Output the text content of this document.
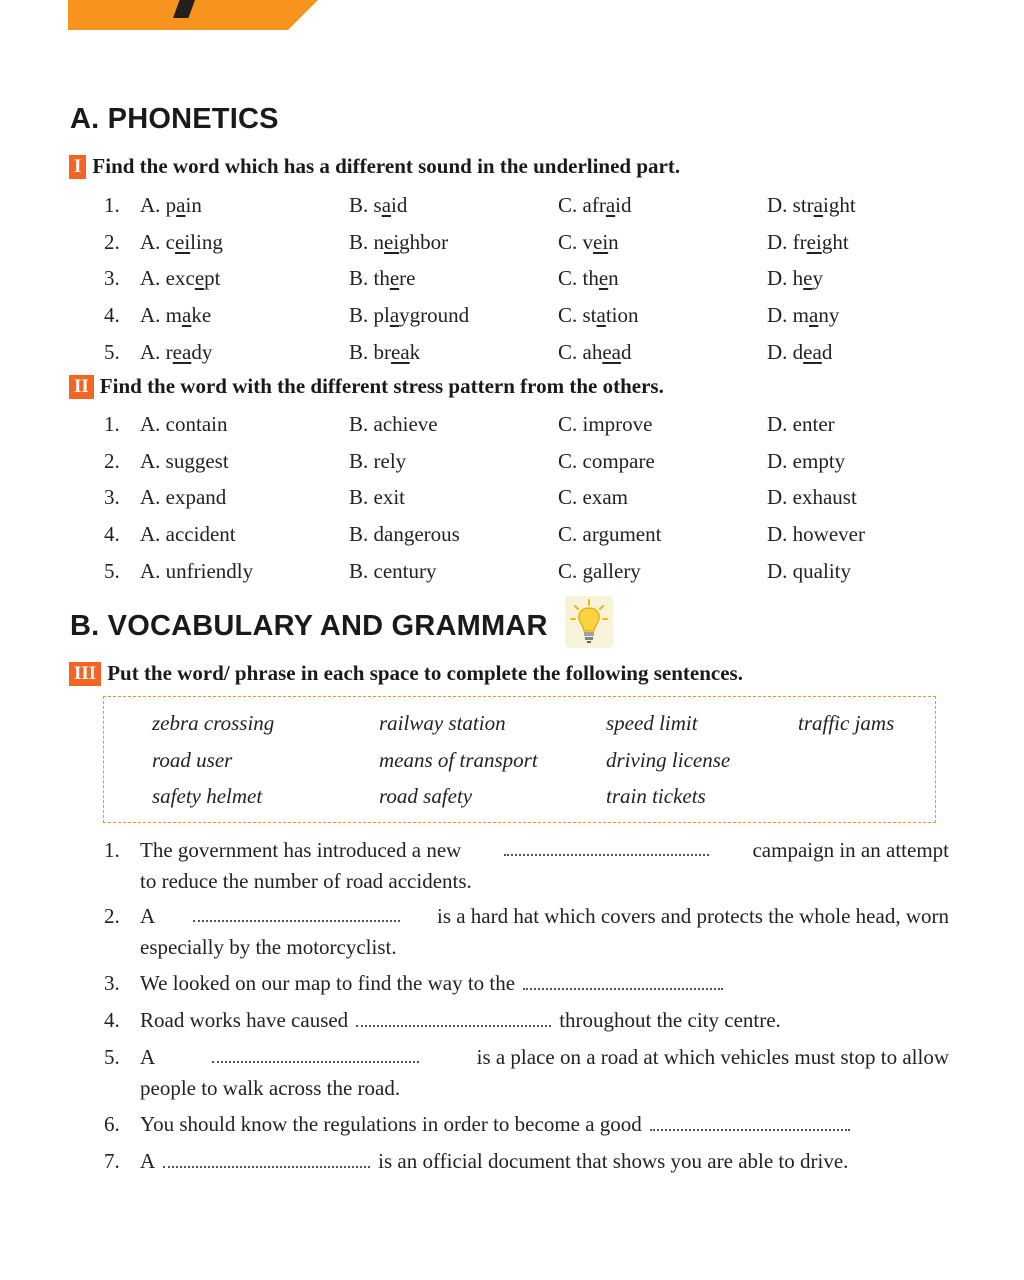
A. PHONETICS
I Find the word which has a different sound in the underlined part.
1. A. pain	B. said	C. afraid	D. straight
2. A. ceiling	B. neighbor	C. vein	D. freight
3. A. except	B. there	C. then	D. hey
4. A. make	B. playground	C. station	D. many
5. A. ready	B. break	C. ahead	D. dead
II Find the word with the different stress pattern from the others.
1. A. contain	B. achieve	C. improve	D. enter
2. A. suggest	B. rely	C. compare	D. empty
3. A. expand	B. exit	C. exam	D. exhaust
4. A. accident	B. dangerous	C. argument	D. however
5. A. unfriendly	B. century	C. gallery	D. quality
B. VOCABULARY AND GRAMMAR
III Put the word/ phrase in each space to complete the following sentences.
zebra crossing	railway station	speed limit	traffic jams
road user	means of transport	driving license
safety helmet	road safety	train tickets
1. The government has introduced a new	campaign in an attempt
to reduce the number of road accidents.
2. A	is a hard hat which covers and protects the whole head, worn
especially by the motorcyclist.
3. We looked on our map to find the way to the
4. Road works have caused	throughout the city centre.
5. A	is a place on a road at which vehicles must stop to allow
people to walk across the road.
6. You should know the regulations in order to become a good
7. A	is an official document that shows you are able to drive.
